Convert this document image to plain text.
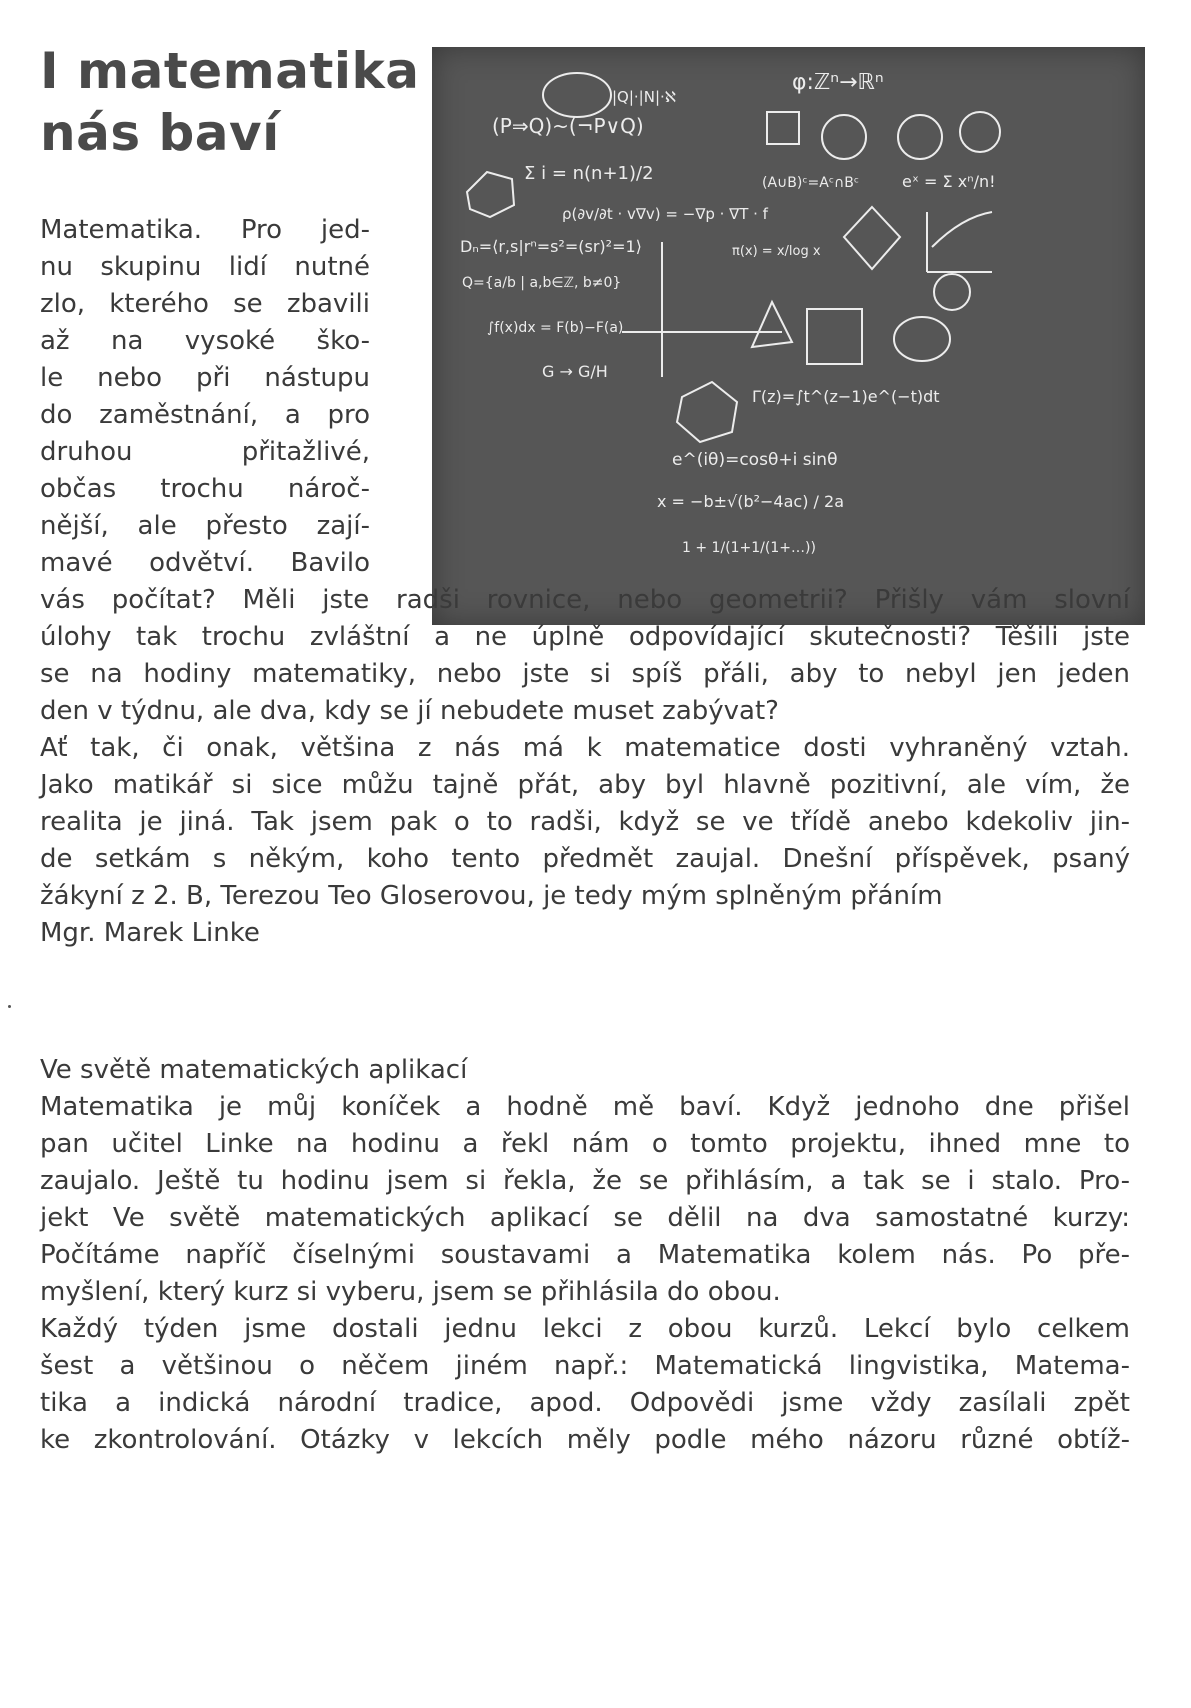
I matematika
nás baví
|Q|·|N|·ℵ
(P⇒Q)~(¬P∨Q)
φ:ℤⁿ→ℝⁿ
Σ i = n(n+1)/2	(A∪B)ᶜ=Aᶜ∩Bᶜ	eˣ = Σ xⁿ/n!
ρ(∂v/∂t · v∇v) = −∇p · ∇T · f
Dₙ=⟨r,s|rⁿ=s²=(sr)²=1⟩	π(x) = x/log x
Q={a/b | a,b∈ℤ, b≠0}
∫f(x)dx = F(b)−F(a)
G → G/H
Γ(z)=∫t^(z−1)e^(−t)dt
e^(iθ)=cosθ+i sinθ
x = −b±√(b²−4ac) / 2a
1 + 1/(1+1/(1+…))
Matematika. Pro jed-
nu skupinu lidí nutné
zlo, kterého se zbavili
až na vysoké ško-
le nebo při nástupu
do zaměstnání, a pro
druhou přitažlivé,
občas trochu nároč-
nější, ale přesto zají-
mavé odvětví. Bavilo
vás počítat? Měli jste radši rovnice, nebo geometrii? Přišly vám slovní
úlohy tak trochu zvláštní a ne úplně odpovídající skutečnosti? Těšili jste
se na hodiny matematiky, nebo jste si spíš přáli, aby to nebyl jen jeden
den v týdnu, ale dva, kdy se jí nebudete muset zabývat?
Ať tak, či onak, většina z nás má k matematice dosti vyhraněný vztah.
Jako matikář si sice můžu tajně přát, aby byl hlavně pozitivní, ale vím, že
realita je jiná. Tak jsem pak o to radši, když se ve třídě anebo kdekoliv jin-
de setkám s někým, koho tento předmět zaujal. Dnešní příspěvek, psaný
žákyní z 2. B, Terezou Teo Gloserovou, je tedy mým splněným přáním
Mgr. Marek Linke
Ve světě matematických aplikací
Matematika je můj koníček a hodně mě baví. Když jednoho dne přišel
pan učitel Linke na hodinu a řekl nám o tomto projektu, ihned mne to
zaujalo. Ještě tu hodinu jsem si řekla, že se přihlásím, a tak se i stalo. Pro-
jekt Ve světě matematických aplikací se dělil na dva samostatné kurzy:
Počítáme napříč číselnými soustavami a Matematika kolem nás. Po pře-
myšlení, který kurz si vyberu, jsem se přihlásila do obou.
Každý týden jsme dostali jednu lekci z obou kurzů. Lekcí bylo celkem
šest a většinou o něčem jiném např.: Matematická lingvistika, Matema-
tika a indická národní tradice, apod. Odpovědi jsme vždy zasílali zpět
ke zkontrolování. Otázky v lekcích měly podle mého názoru různé obtíž-
